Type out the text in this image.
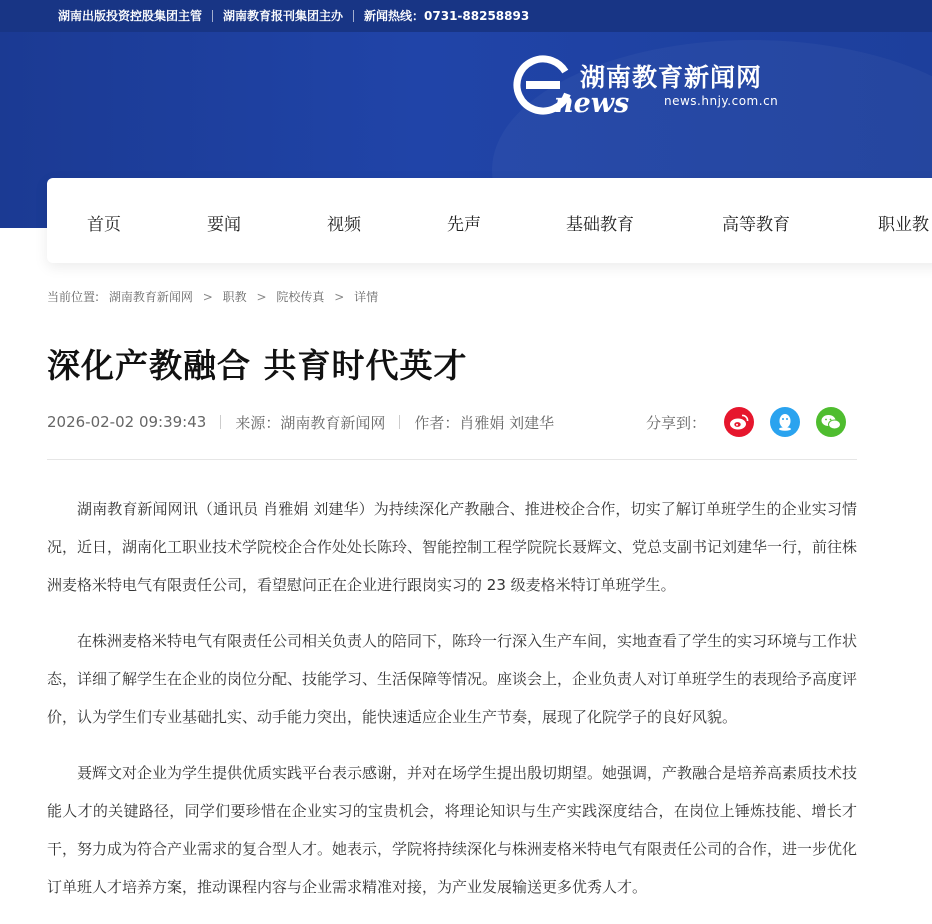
湖南出版投资控股集团主管	湖南教育报刊集团主办	新闻热线：0731-88258893
湖南教育新闻网
news	news.hnjy.com.cn
首页	要闻	视频	先声	基础教育	高等教育	职业教
当前位置: 湖南教育新闻网 > 职教 > 院校传真 > 详情
深化产教融合 共育时代英才
2026-02-02 09:39:43 来源：湖南教育新闻网 作者：肖雅娟 刘建华	分享到：

湖南教育新闻网讯（通讯员 肖雅娟 刘建华）为持续深化产教融合、推进校企合作，切实了解订单班学生的企业实习情况，近日，湖南化工职业技术学院校企合作处处长陈玲、智能控制工程学院院长聂辉文、党总支副书记刘建华一行，前往株洲麦格米特电气有限责任公司，看望慰问正在企业进行跟岗实习的 23 级麦格米特订单班学生。

在株洲麦格米特电气有限责任公司相关负责人的陪同下，陈玲一行深入生产车间，实地查看了学生的实习环境与工作状态，详细了解学生在企业的岗位分配、技能学习、生活保障等情况。座谈会上，企业负责人对订单班学生的表现给予高度评价，认为学生们专业基础扎实、动手能力突出，能快速适应企业生产节奏，展现了化院学子的良好风貌。

聂辉文对企业为学生提供优质实践平台表示感谢，并对在场学生提出殷切期望。她强调，产教融合是培养高素质技术技能人才的关键路径，同学们要珍惜在企业实习的宝贵机会，将理论知识与生产实践深度结合，在岗位上锤炼技能、增长才干，努力成为符合产业需求的复合型人才。她表示，学院将持续深化与株洲麦格米特电气有限责任公司的合作，进一步优化订单班人才培养方案，推动课程内容与企业需求精准对接，为产业发展输送更多优秀人才。
